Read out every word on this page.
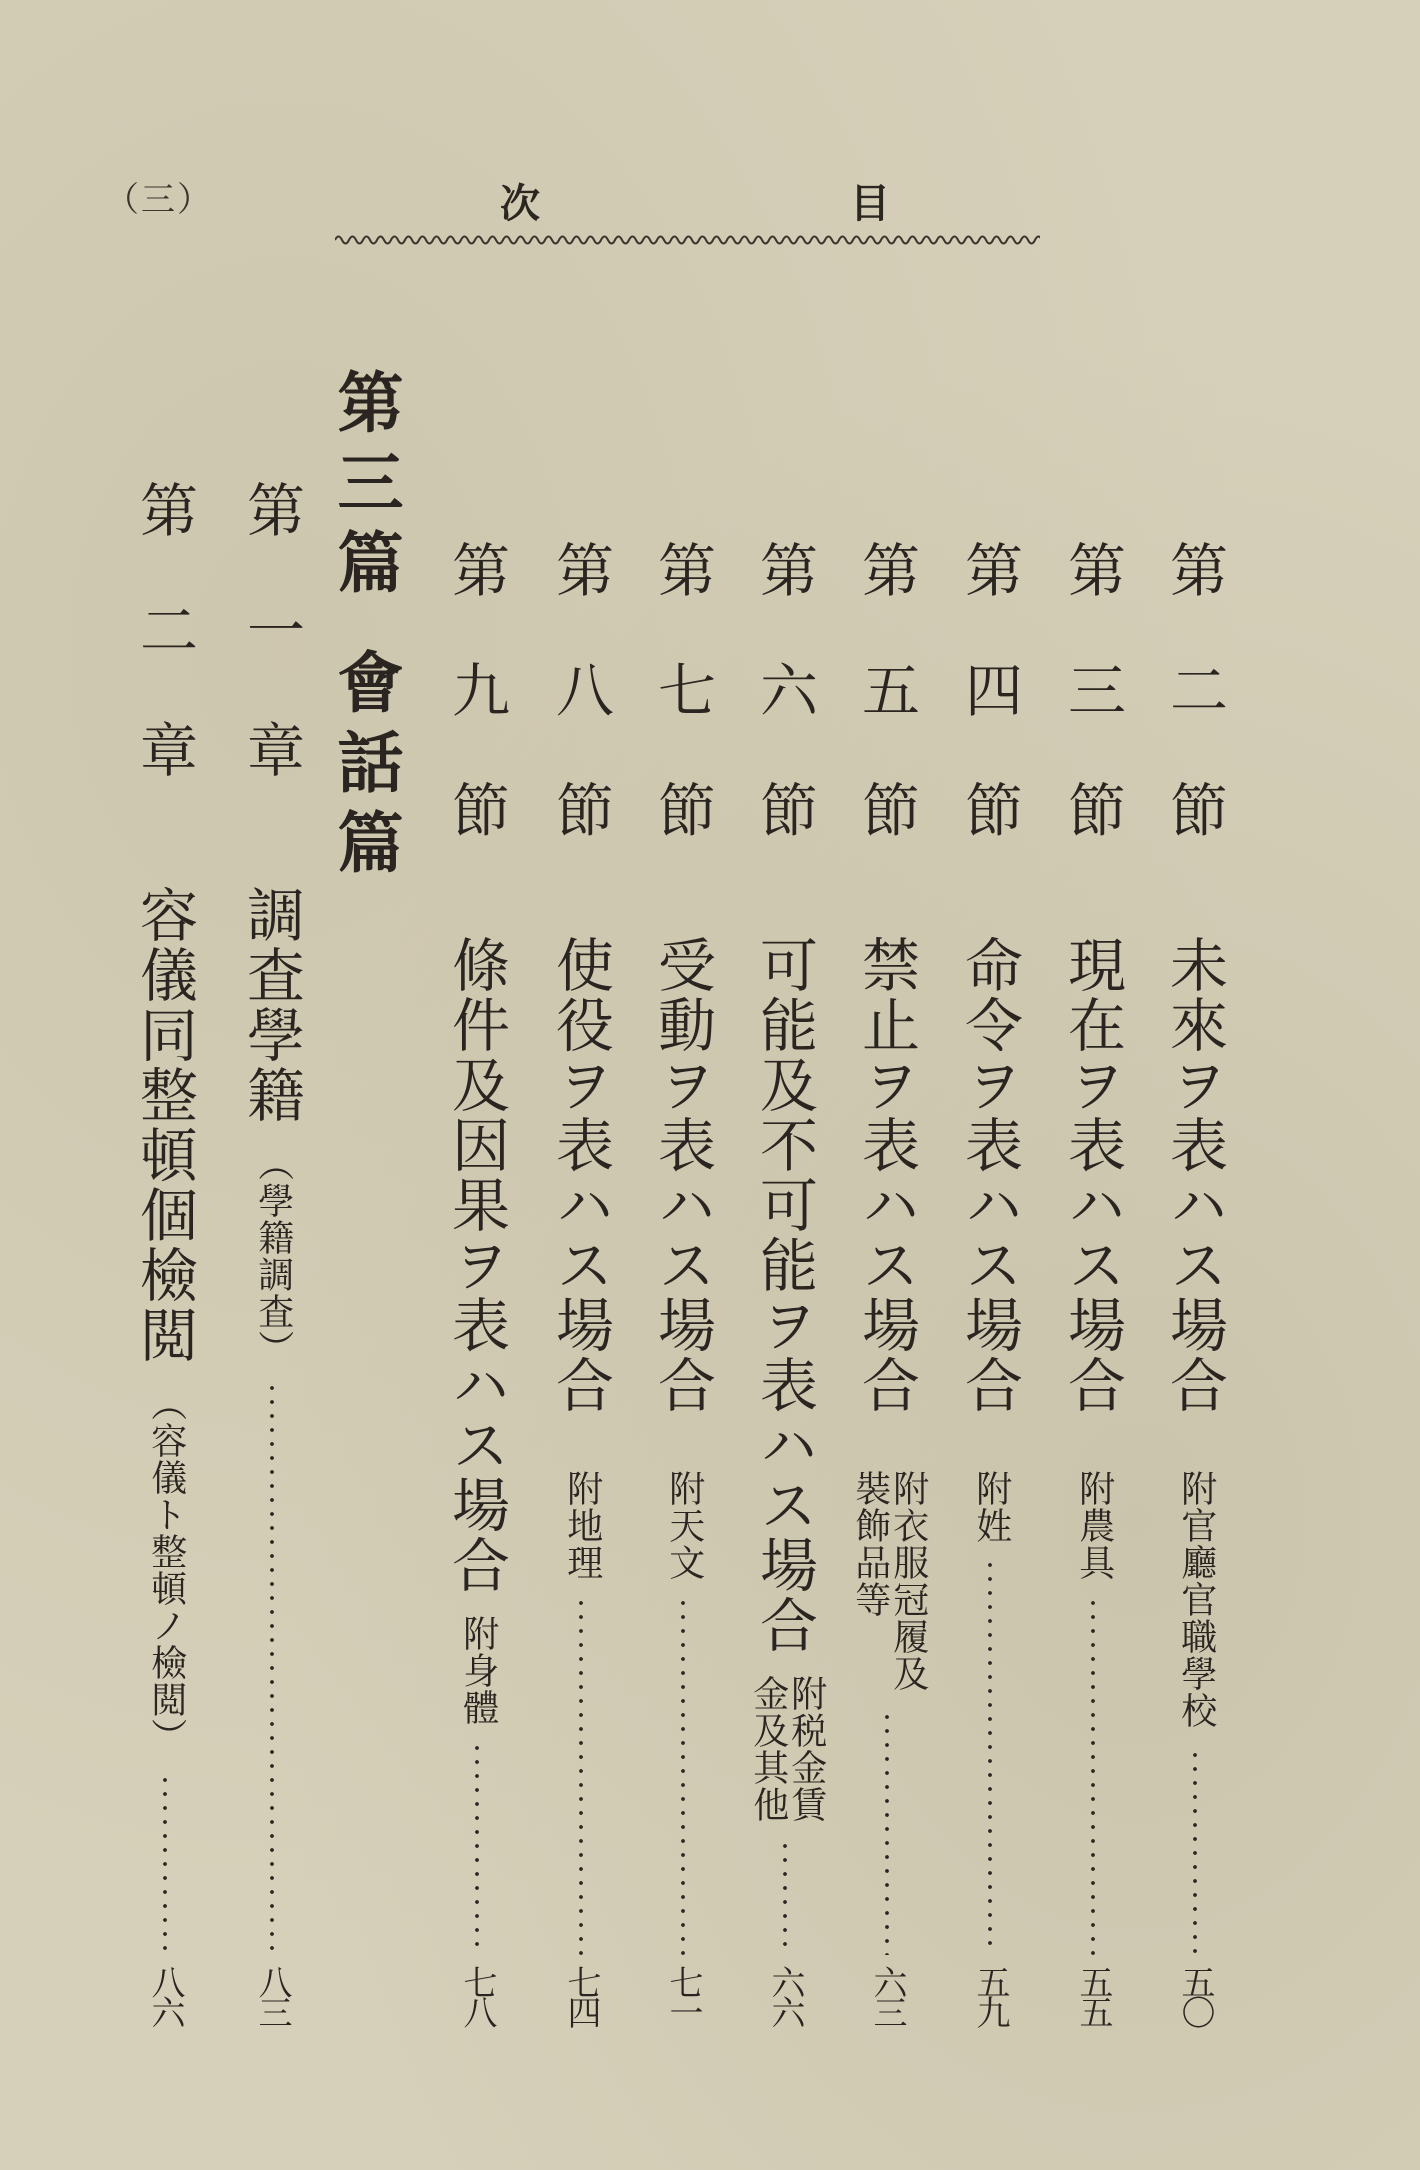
（三）	次	目
第二節
未來ヲ表ハス場合
附官廳官職學校
五〇
第三節
現在ヲ表ハス場合
附農具
五五
第四節
命令ヲ表ハス場合
附姓
五九
第五節
禁止ヲ表ハス場合
附衣服冠履及
裝飾品等
六三
第六節
可能及不可能ヲ表ハス場合
附税金賃
金及其他
六六
第七節
受動ヲ表ハス場合
附天文
七一
第八節
使役ヲ表ハス場合
附地理
七四
第九節
條件及因果ヲ表ハス場合
附身體
七八
第三篇會話篇
第一章
調査學籍
（學籍調査）
八三
第二章
容儀同整頓個檢閲
（容儀ト整頓ノ檢閲）
八六
